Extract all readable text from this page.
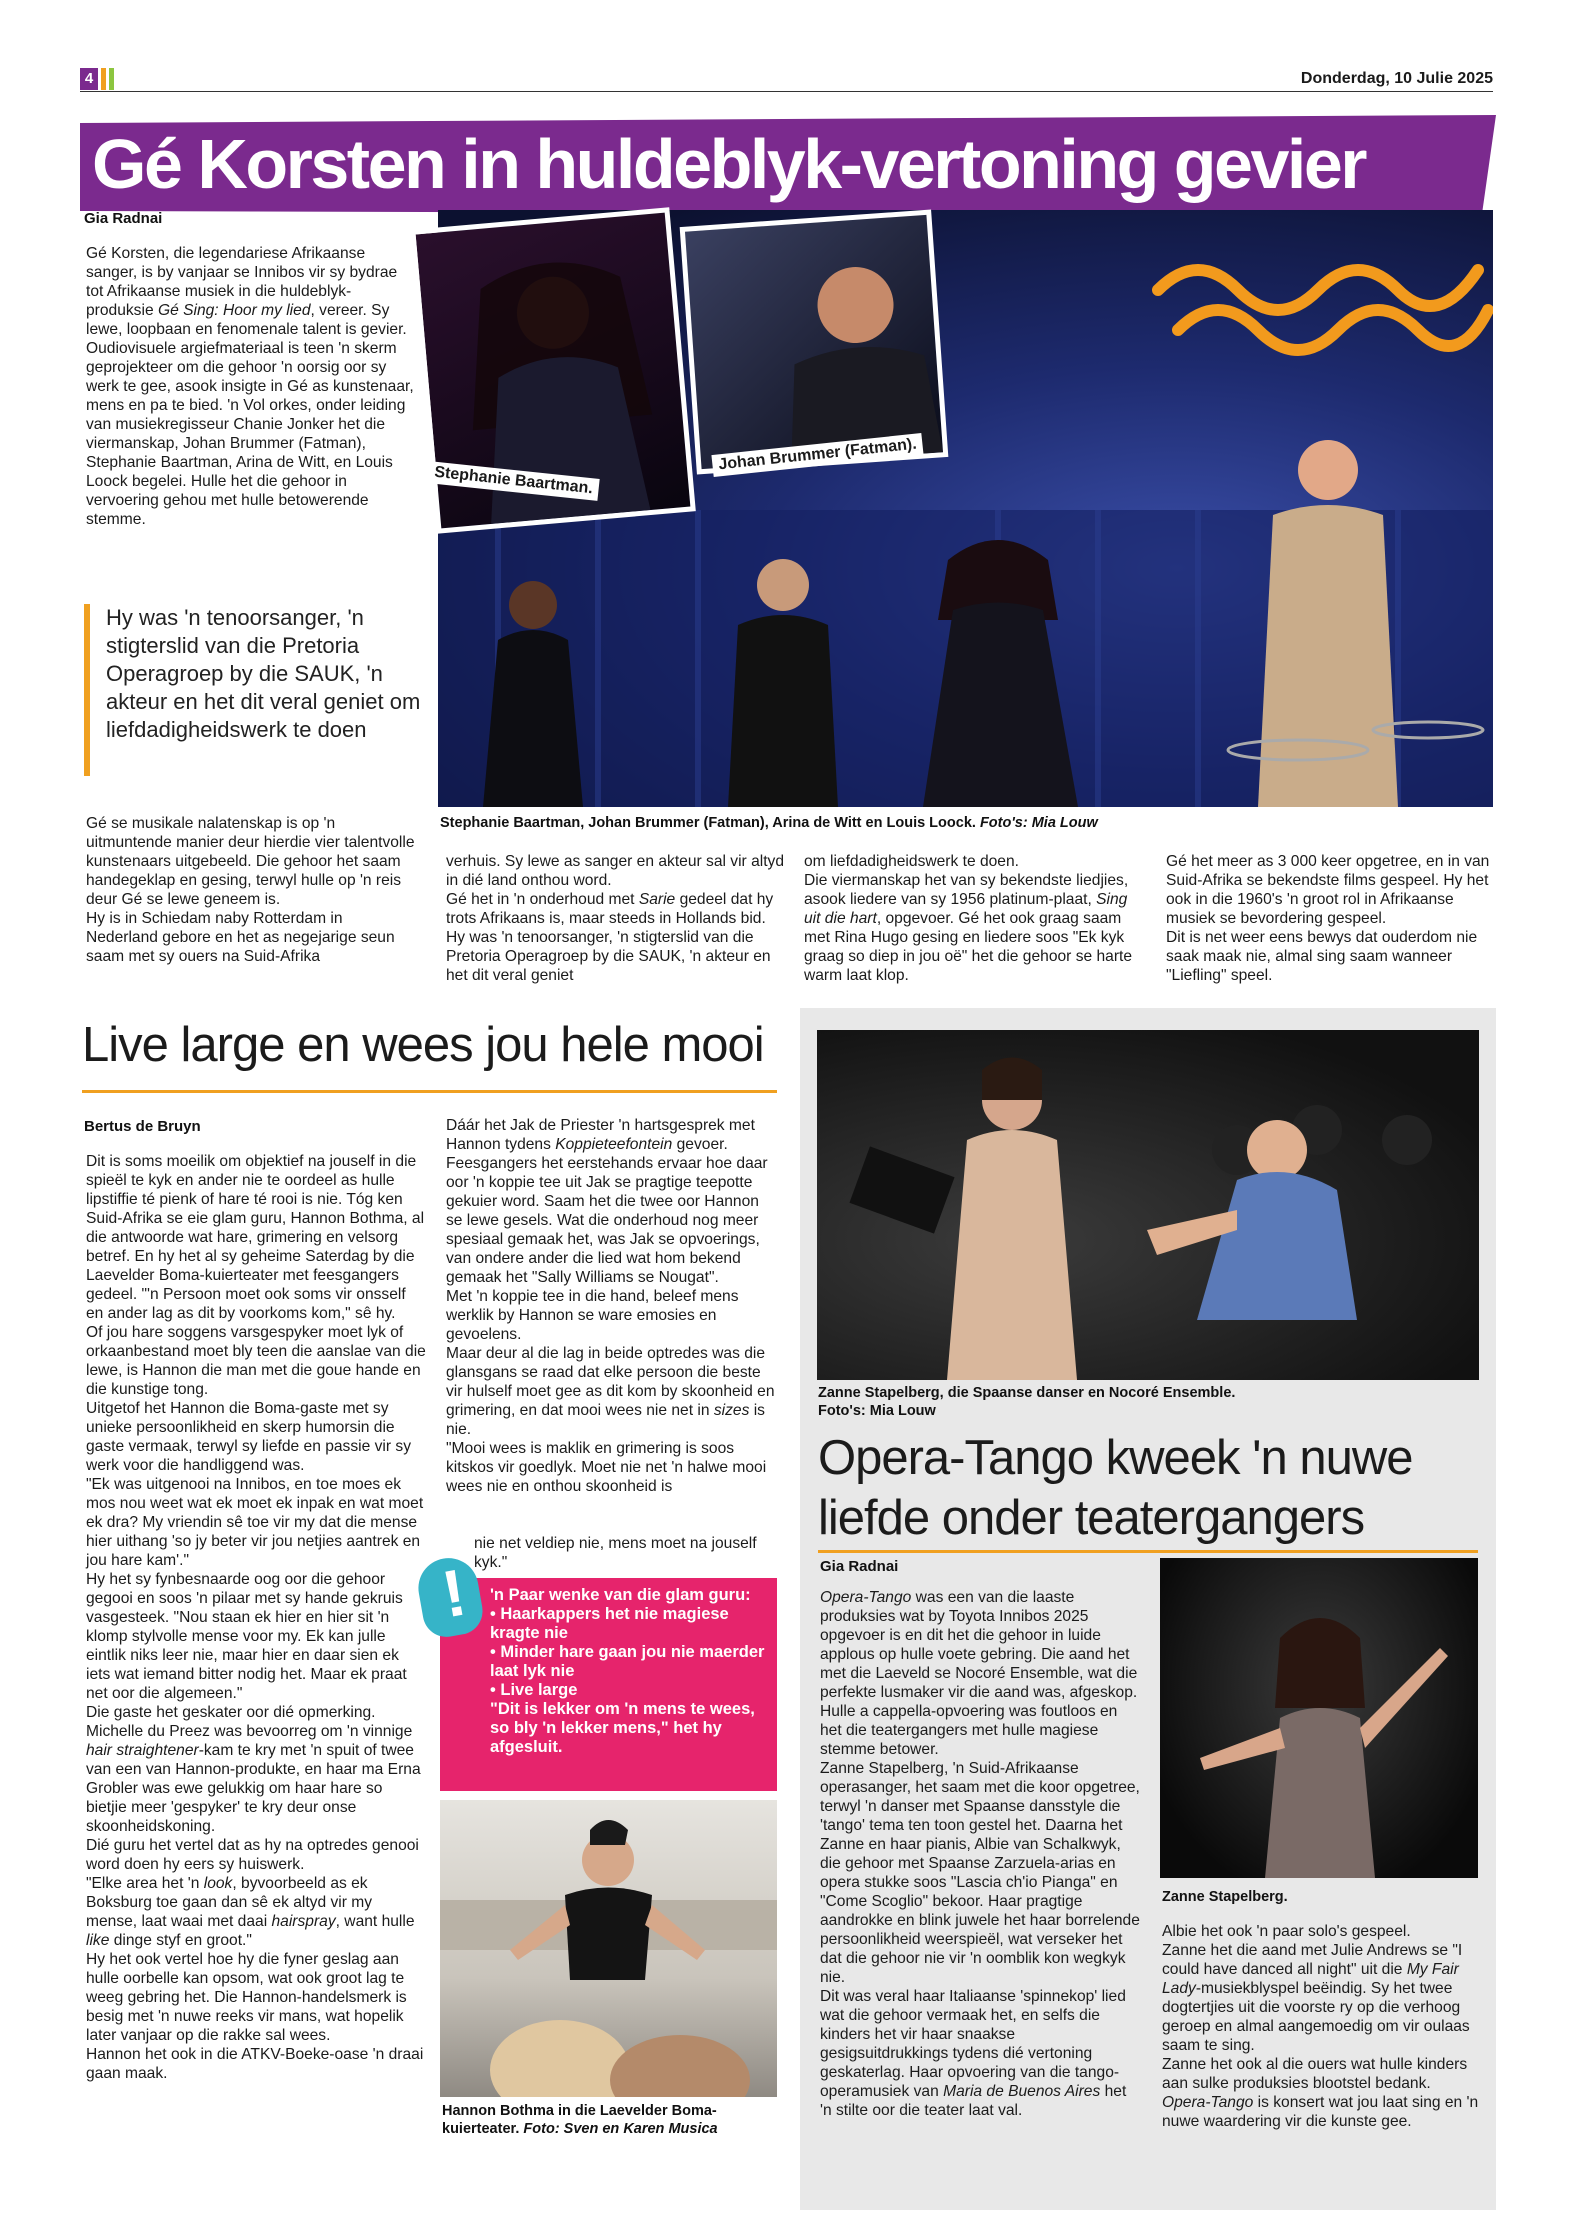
4	Donderdag, 10 Julie 2025
Gé Korsten in huldeblyk-vertoning gevier
Gia Radnai

Gé Korsten, die legendariese Afrikaanse sanger, is by vanjaar se Innibos vir sy bydrae tot Afrikaanse musiek in die huldeblyk-produksie Gé Sing: Hoor my lied, vereer. Sy lewe, loopbaan en fenomenale talent is gevier.

Oudiovisuele argiefmateriaal is teen 'n skerm geprojekteer om die gehoor 'n oorsig oor sy werk te gee, asook insigte in Gé as kunstenaar, mens en pa te bied. 'n Vol orkes, onder leiding van musiekregisseur Chanie Jonker het die viermanskap, Johan Brummer (Fatman), Stephanie Baartman, Arina de Witt, en Louis Loock begelei. Hulle het die gehoor in vervoering gehou met hulle betowerende stemme.

Hy was 'n tenoorsanger, 'n stigterslid van die Pretoria Operagroep by die SAUK, 'n akteur en het dit veral geniet om liefdadigheidswerk te doen
Stephanie Baartman.
Johan Brummer (Fatman).
Stephanie Baartman, Johan Brummer (Fatman), Arina de Witt en Louis Loock. Foto's: Mia Louw
Gé se musikale nalatenskap is op 'n uitmuntende manier deur hierdie vier talentvolle kunstenaars uitgebeeld. Die gehoor het saam handegeklap en gesing, terwyl hulle op 'n reis deur Gé se lewe geneem is.
Hy is in Schiedam naby Rotterdam in Nederland gebore en het as negejarige seun saam met sy ouers na Suid-Afrika
verhuis. Sy lewe as sanger en akteur sal vir altyd in dié land onthou word.
Gé het in 'n onderhoud met Sarie gedeel dat hy trots Afrikaans is, maar steeds in Hollands bid. Hy was 'n tenoorsanger, 'n stigterslid van die Pretoria Operagroep by die SAUK, 'n akteur en het dit veral geniet
om liefdadigheidswerk te doen.
Die viermanskap het van sy bekendste liedjies, asook liedere van sy 1956 platinum-plaat, Sing uit die hart, opgevoer. Gé het ook graag saam met Rina Hugo gesing en liedere soos "Ek kyk graag so diep in jou oë" het die gehoor se harte warm laat klop.
Gé het meer as 3 000 keer opgetree, en in van Suid-Afrika se bekendste films gespeel. Hy het ook in die 1960's 'n groot rol in Afrikaanse musiek se bevordering gespeel.
Dit is net weer eens bewys dat ouderdom nie saak maak nie, almal sing saam wanneer "Liefling" speel.
Live large en wees jou hele mooi
Bertus de Bruyn
Dit is soms moeilik om objektief na jouself in die spieël te kyk en ander nie te oordeel as hulle lipstiffie té pienk of hare té rooi is nie. Tóg ken Suid-Afrika se eie glam guru, Hannon Bothma, al die antwoorde wat hare, grimering en velsorg betref. En hy het al sy geheime Saterdag by die Laevelder Boma-kuierteater met feesgangers gedeel. "'n Persoon moet ook soms vir onsself en ander lag as dit by voorkoms kom," sê hy.
Of jou hare soggens varsgespyker moet lyk of orkaanbestand moet bly teen die aanslae van die lewe, is Hannon die man met die goue hande en die kunstige tong.
Uitgetof het Hannon die Boma-gaste met sy unieke persoonlikheid en skerp humorsin die gaste vermaak, terwyl sy liefde en passie vir sy werk voor die handliggend was.
"Ek was uitgenooi na Innibos, en toe moes ek mos nou weet wat ek moet ek inpak en wat moet ek dra? My vriendin sê toe vir my dat die mense hier uithang 'so jy beter vir jou netjies aantrek en jou hare kam'."
Hy het sy fynbesnaarde oog oor die gehoor gegooi en soos 'n pilaar met sy hande gekruis vasgesteek. "Nou staan ek hier en hier sit 'n klomp stylvolle mense voor my. Ek kan julle eintlik niks leer nie, maar hier en daar sien ek iets wat iemand bitter nodig het. Maar ek praat net oor die algemeen."
Die gaste het geskater oor dié opmerking.
Michelle du Preez was bevoorreg om 'n vinnige hair straightener-kam te kry met 'n spuit of twee van een van Hannon-produkte, en haar ma Erna Grobler was ewe gelukkig om haar hare so bietjie meer 'gespyker' te kry deur onse skoonheidskoning.
Dié guru het vertel dat as hy na optredes genooi word doen hy eers sy huiswerk.
"Elke area het 'n look, byvoorbeeld as ek Boksburg toe gaan dan sê ek altyd vir my mense, laat waai met daai hairspray, want hulle like dinge styf en groot."
Hy het ook vertel hoe hy die fyner geslag aan hulle oorbelle kan opsom, wat ook groot lag te weeg gebring het. Die Hannon-handelsmerk is besig met 'n nuwe reeks vir mans, wat hopelik later vanjaar op die rakke sal wees.
Hannon het ook in die ATKV-Boeke-oase 'n draai gaan maak.
Dáár het Jak de Priester 'n hartsgesprek met Hannon tydens Koppieteefontein gevoer. Feesgangers het eerstehands ervaar hoe daar oor 'n koppie tee uit Jak se pragtige teepotte gekuier word. Saam het die twee oor Hannon se lewe gesels. Wat die onderhoud nog meer spesiaal gemaak het, was Jak se opvoerings, van ondere ander die lied wat hom bekend gemaak het "Sally Williams se Nougat".
Met 'n koppie tee in die hand, beleef mens werklik by Hannon se ware emosies en gevoelens.
Maar deur al die lag in beide optredes was die glansgans se raad dat elke persoon die beste vir hulself moet gee as dit kom by skoonheid en grimering, en dat mooi wees nie net in sizes is nie.
"Mooi wees is maklik en grimering is soos kitskos vir goedlyk. Moet nie net 'n halwe mooi wees nie en onthou skoonheid is
nie net veldiep nie, mens moet na jouself kyk."
!	'n Paar wenke van die glam guru:
• Haarkappers het nie magiese kragte nie
• Minder hare gaan jou nie maerder laat lyk nie
• Live large
"Dit is lekker om 'n mens te wees, so bly 'n lekker mens," het hy afgesluit.
Hannon Bothma in die Laevelder Boma-kuierteater. Foto: Sven en Karen Musica
Zanne Stapelberg, die Spaanse danser en Nocoré Ensemble.
Foto's: Mia Louw
Opera-Tango kweek 'n nuwe liefde onder teatergangers
Gia Radnai
Opera-Tango was een van die laaste produksies wat by Toyota Innibos 2025 opgevoer is en dit het die gehoor in luide applous op hulle voete gebring. Die aand het met die Laeveld se Nocoré Ensemble, wat die perfekte lusmaker vir die aand was, afgeskop. Hulle a cappella-opvoering was foutloos en het die teatergangers met hulle magiese stemme betower.
Zanne Stapelberg, 'n Suid-Afrikaanse operasanger, het saam met die koor opgetree, terwyl 'n danser met Spaanse dansstyle die 'tango' tema ten toon gestel het. Daarna het Zanne en haar pianis, Albie van Schalkwyk, die gehoor met Spaanse Zarzuela-arias en opera stukke soos "Lascia ch'io Pianga" en "Come Scoglio" bekoor. Haar pragtige aandrokke en blink juwele het haar borrelende persoonlikheid weerspieël, wat verseker het dat die gehoor nie vir 'n oomblik kon wegkyk nie.
Dit was veral haar Italiaanse 'spinnekop' lied wat die gehoor vermaak het, en selfs die kinders het vir haar snaakse gesigsuitdrukkings tydens dié vertoning geskaterlag. Haar opvoering van die tango-operamusiek van Maria de Buenos Aires het 'n stilte oor die teater laat val.
Zanne Stapelberg.
Albie het ook 'n paar solo's gespeel.
Zanne het die aand met Julie Andrews se "I could have danced all night" uit die My Fair Lady-musiekblyspel beëindig. Sy het twee dogtertjies uit die voorste ry op die verhoog geroep en almal aangemoedig om vir oulaas saam te sing.
Zanne het ook al die ouers wat hulle kinders aan sulke produksies blootstel bedank.
Opera-Tango is konsert wat jou laat sing en 'n nuwe waardering vir die kunste gee.
